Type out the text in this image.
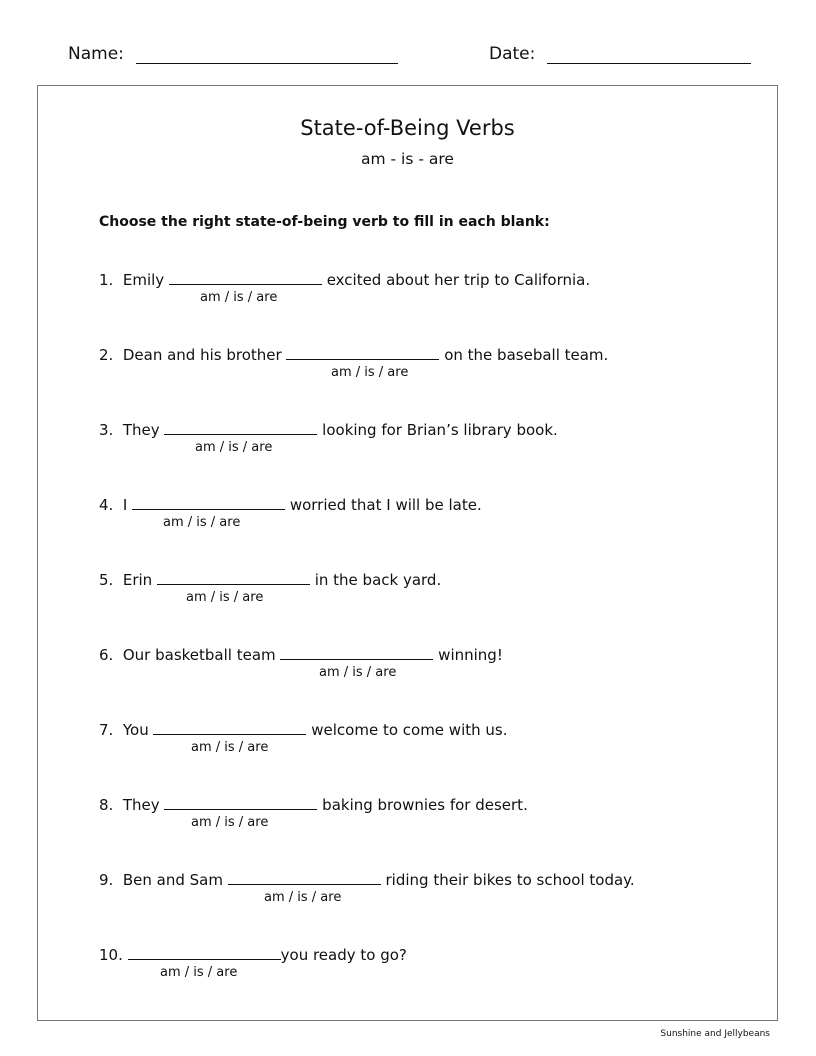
Name:	Date:
State-of-Being Verbs
am - is - are
Choose the right state-of-being verb to fill in each blank:
1. Emily	excited about her trip to California.
am / is / are
2. Dean and his brother	on the baseball team.
am / is / are
3. They	looking for Brian’s library book.
am / is / are
4. I	worried that I will be late.
am / is / are
5. Erin	in the back yard.
am / is / are
6. Our basketball team	winning!
am / is / are
7. You	welcome to come with us.
am / is / are
8. They	baking brownies for desert.
am / is / are
9. Ben and Sam	riding their bikes to school today.
am / is / are
10.	you ready to go?
am / is / are
Sunshine and Jellybeans
